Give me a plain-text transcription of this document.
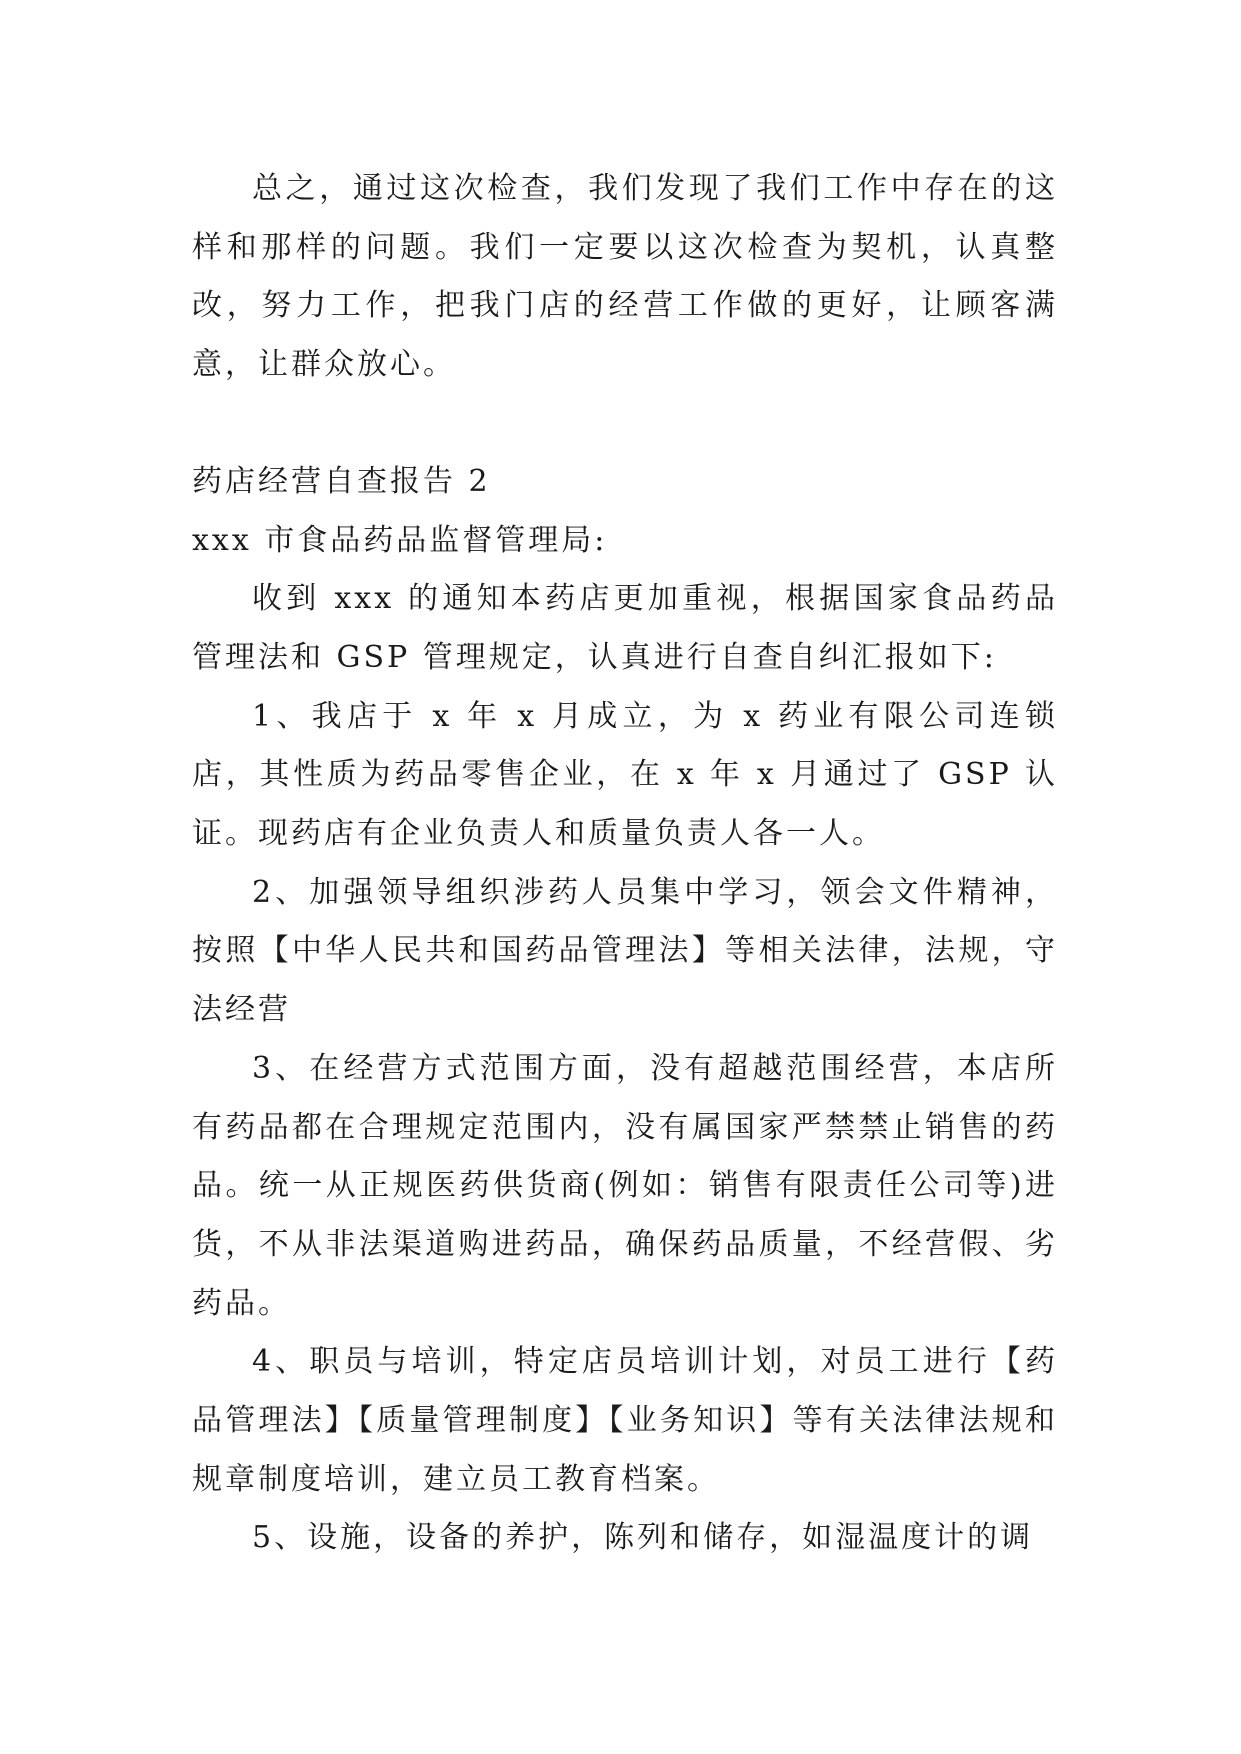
总之，通过这次检查，我们发现了我们工作中存在的这样和那样的问题。我们一定要以这次检查为契机，认真整改，努力工作，把我门店的经营工作做的更好，让顾客满意，让群众放心。

药店经营自查报告 2

xxx 市食品药品监督管理局:

收到 xxx 的通知本药店更加重视，根据国家食品药品管理法和 GSP 管理规定，认真进行自查自纠汇报如下:

1、我店于 x 年 x 月成立，为 x 药业有限公司连锁店，其性质为药品零售企业，在 x 年 x 月通过了 GSP 认证。现药店有企业负责人和质量负责人各一人。

2、加强领导组织涉药人员集中学习，领会文件精神，按照【中华人民共和国药品管理法】等相关法律，法规，守法经营

3、在经营方式范围方面，没有超越范围经营，本店所有药品都在合理规定范围内，没有属国家严禁禁止销售的药品。统一从正规医药供货商(例如：销售有限责任公司等)进货，不从非法渠道购进药品，确保药品质量，不经营假、劣药品。

4、职员与培训，特定店员培训计划，对员工进行【药品管理法】【质量管理制度】【业务知识】等有关法律法规和规章制度培训，建立员工教育档案。

5、设施，设备的养护，陈列和储存，如湿温度计的调
